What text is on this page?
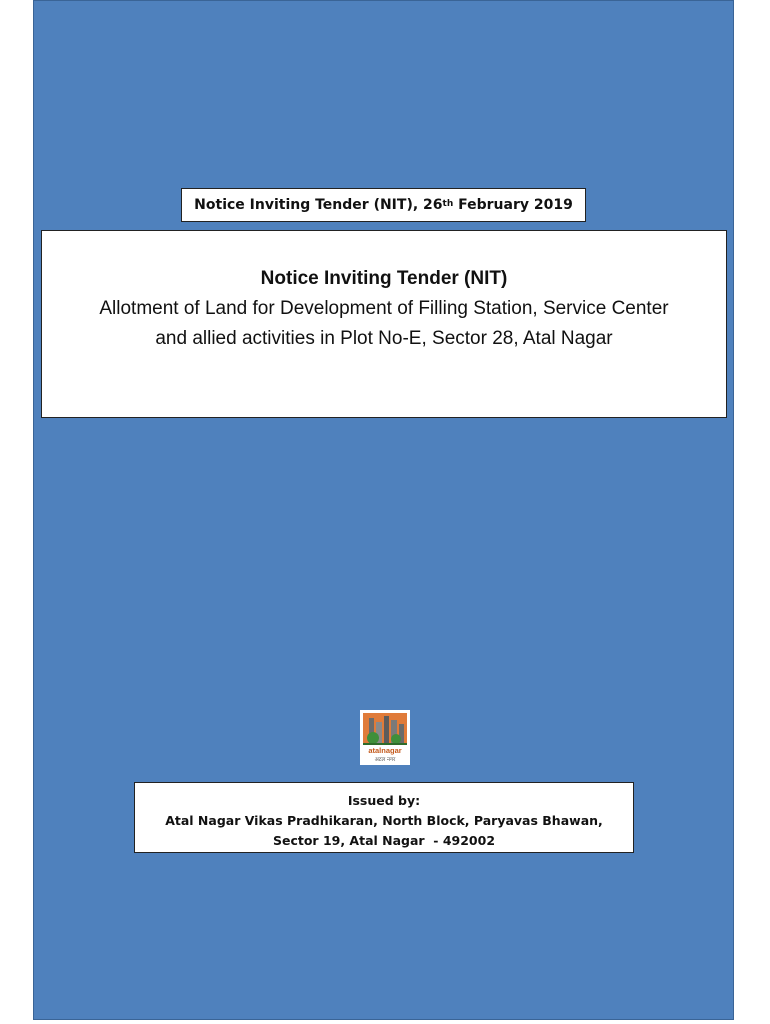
Notice Inviting Tender (NIT), 26th February 2019
Notice Inviting Tender (NIT)
Allotment of Land for Development of Filling Station, Service Center
and allied activities in Plot No-E, Sector 28, Atal Nagar
atalnagar
अटल नगर
Issued by:
Atal Nagar Vikas Pradhikaran, North Block, Paryavas Bhawan,
Sector 19, Atal Nagar  - 492002
